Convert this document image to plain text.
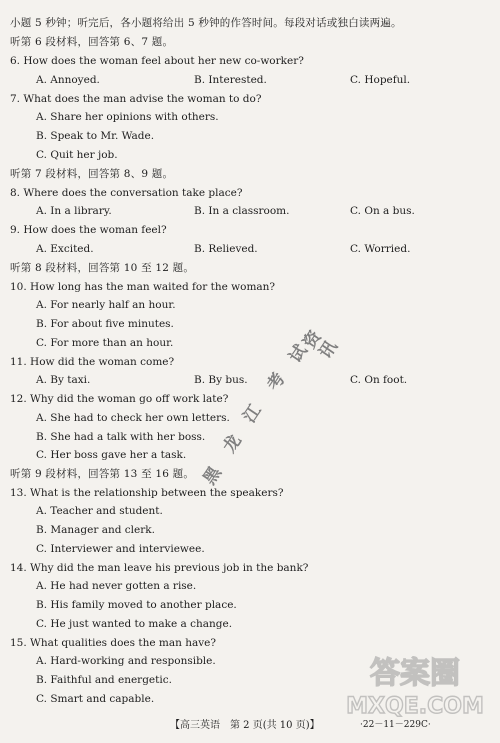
小题 5 秒钟；听完后，各小题将给出 5 秒钟的作答时间。每段对话或独白读两遍。
听第 6 段材料，回答第 6、7 题。
6. How does the woman feel about her new co-worker?
A. Annoyed.	B. Interested.	C. Hopeful.
7. What does the man advise the woman to do?
A. Share her opinions with others.
B. Speak to Mr. Wade.
C. Quit her job.
听第 7 段材料，回答第 8、9 题。
8. Where does the conversation take place?
A. In a library.	B. In a classroom.	C. On a bus.
9. How does the woman feel?
A. Excited.	B. Relieved.	C. Worried.
听第 8 段材料，回答第 10 至 12 题。
10. How long has the man waited for the woman?
A. For nearly half an hour.
B. For about five minutes.
C. For more than an hour.
11. How did the woman come?
A. By taxi.	B. By bus.	C. On foot.
12. Why did the woman go off work late?
A. She had to check her own letters.
B. She had a talk with her boss.
C. Her boss gave her a task.
听第 9 段材料，回答第 13 至 16 题。
13. What is the relationship between the speakers?
A. Teacher and student.
B. Manager and clerk.
C. Interviewer and interviewee.
14. Why did the man leave his previous job in the bank?
A. He had never gotten a rise.
B. His family moved to another place.
C. He just wanted to make a change.
15. What qualities does the man have?
A. Hard-working and responsible.
B. Faithful and energetic.
C. Smart and capable.
黑
龙
江
考
试
资
讯
答案圈
MXQE.COM
【高三英语　第 2 页(共 10 页)】	·22－11－229C·
